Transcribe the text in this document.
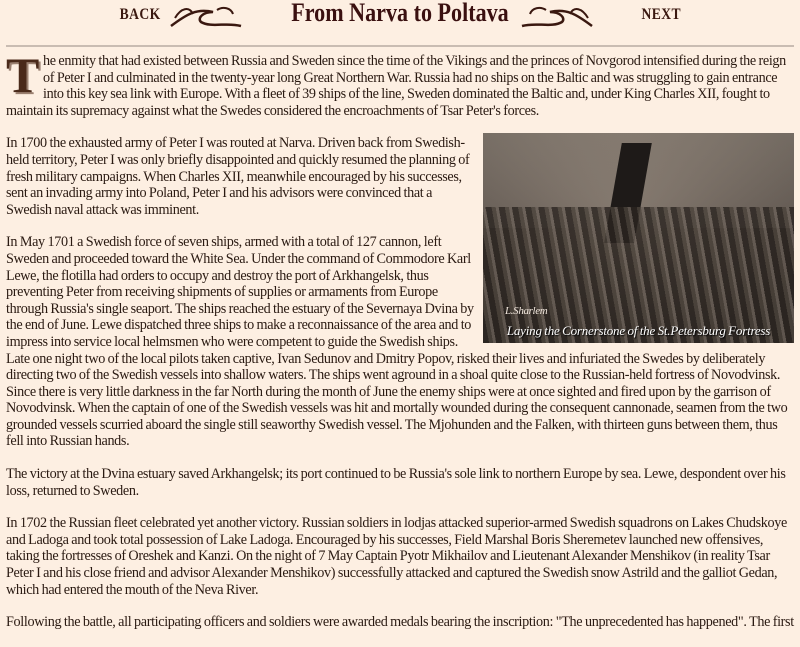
BACK	From Narva to Poltava	NEXT

The enmity that had existed between Russia and Sweden since the time of the Vikings and the princes of Novgorod intensified during the reign of Peter I and culminated in the twenty-year long Great Northern War. Russia had no ships on the Baltic and was struggling to gain entrance into this key sea link with Europe. With a fleet of 39 ships of the line, Sweden dominated the Baltic and, under King Charles XII, fought to maintain its supremacy against what the Swedes considered the encroachments of Tsar Peter's forces.

L.Sharlem
Laying the Cornerstone of the St.Petersburg Fortress

In 1700 the exhausted army of Peter I was routed at Narva. Driven back from Swedish-held territory, Peter I was only briefly disappointed and quickly resumed the planning of fresh military campaigns. When Charles XII, meanwhile encouraged by his successes, sent an invading army into Poland, Peter I and his advisors were convinced that a Swedish naval attack was imminent.

In May 1701 a Swedish force of seven ships, armed with a total of 127 cannon, left Sweden and proceeded toward the White Sea. Under the command of Commodore Karl Lewe, the flotilla had orders to occupy and destroy the port of Arkhangelsk, thus preventing Peter from receiving shipments of supplies or armaments from Europe through Russia's single seaport. The ships reached the estuary of the Severnaya Dvina by the end of June. Lewe dispatched three ships to make a reconnaissance of the area and to impress into service local helmsmen who were competent to guide the Swedish ships. Late one night two of the local pilots taken captive, Ivan Sedunov and Dmitry Popov, risked their lives and infuriated the Swedes by deliberately directing two of the Swedish vessels into shallow waters. The ships went aground in a shoal quite close to the Russian-held fortress of Novodvinsk. Since there is very little darkness in the far North during the month of June the enemy ships were at once sighted and fired upon by the garrison of Novodvinsk. When the captain of one of the Swedish vessels was hit and mortally wounded during the consequent cannonade, seamen from the two grounded vessels scurried aboard the single still seaworthy Swedish vessel. The Mjohunden and the Falken, with thirteen guns between them, thus fell into Russian hands.

The victory at the Dvina estuary saved Arkhangelsk; its port continued to be Russia's sole link to northern Europe by sea. Lewe, despondent over his loss, returned to Sweden.

In 1702 the Russian fleet celebrated yet another victory. Russian soldiers in lodjas attacked superior-armed Swedish squadrons on Lakes Chudskoye and Ladoga and took total possession of Lake Ladoga. Encouraged by his successes, Field Marshal Boris Sheremetev launched new offensives, taking the fortresses of Oreshek and Kanzi. On the night of 7 May Captain Pyotr Mikhailov and Lieutenant Alexander Menshikov (in reality Tsar Peter I and his close friend and advisor Alexander Menshikov) successfully attacked and captured the Swedish snow Astrild and the galliot Gedan, which had entered the mouth of the Neva River.

Following the battle, all participating officers and soldiers were awarded medals bearing the inscription: "The unprecedented has happened". The first
